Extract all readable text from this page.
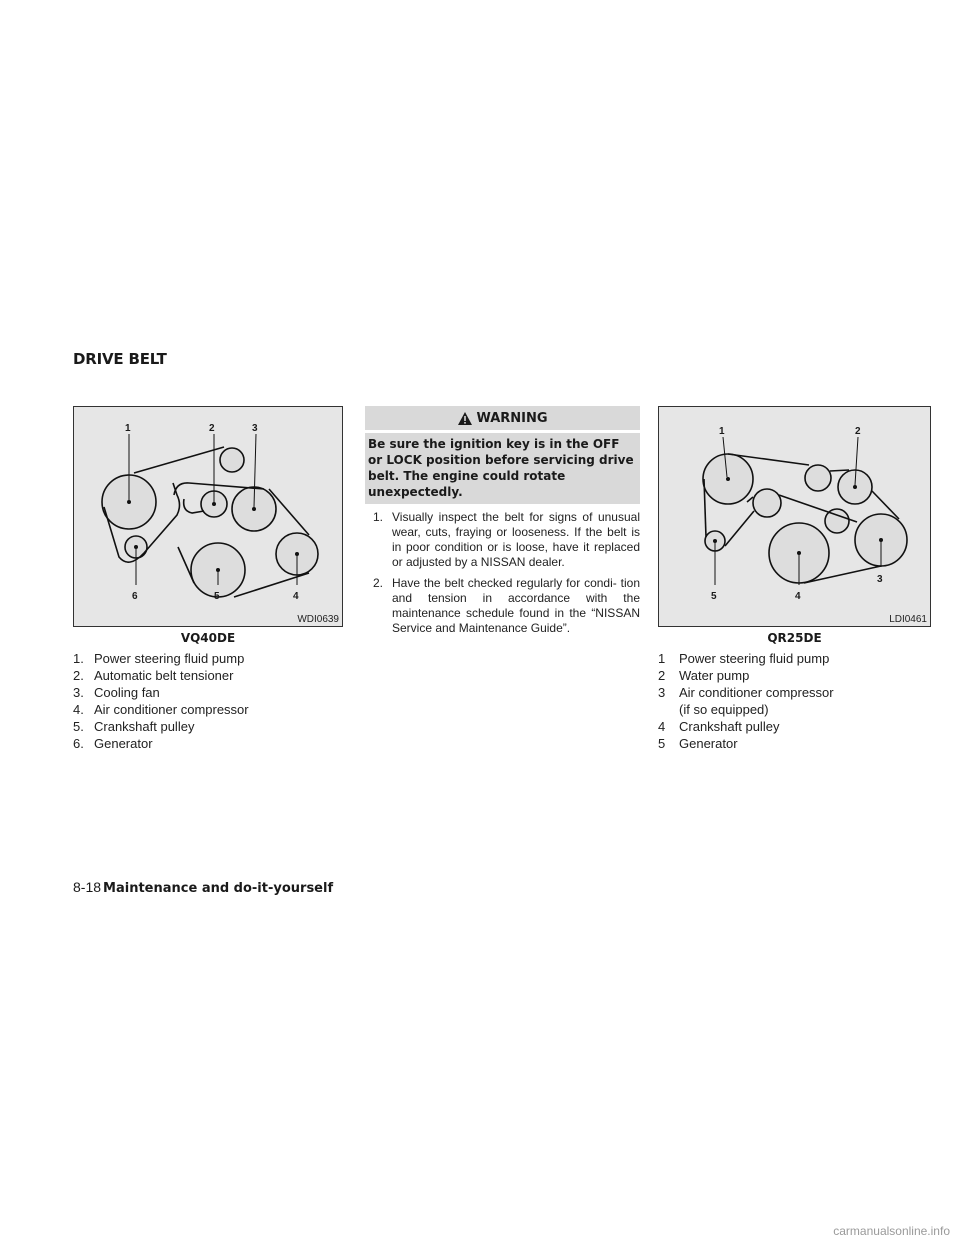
DRIVE BELT
1	2	3
6	5	4
WDI0639
VQ40DE
1. Power steering fluid pump
2. Automatic belt tensioner
3. Cooling fan
4. Air conditioner compressor
5. Crankshaft pulley
6. Generator
WARNING
Be sure the ignition key is in the OFF or LOCK position before servicing drive belt. The engine could rotate unexpectedly.
1. Visually inspect the belt for signs of unusual wear, cuts, fraying or looseness. If the belt is in poor condition or is loose, have it replaced or adjusted by a NISSAN dealer.
2. Have the belt checked regularly for condi- tion and tension in accordance with the maintenance schedule found in the “NISSAN Service and Maintenance Guide”.
1	2
5	4
3
LDI0461
QR25DE
1 Power steering fluid pump
2 Water pump
3 Air conditioner compressor
(if so equipped)
4 Crankshaft pulley
5 Generator
8-18 Maintenance and do-it-yourself
carmanualsonline.info
